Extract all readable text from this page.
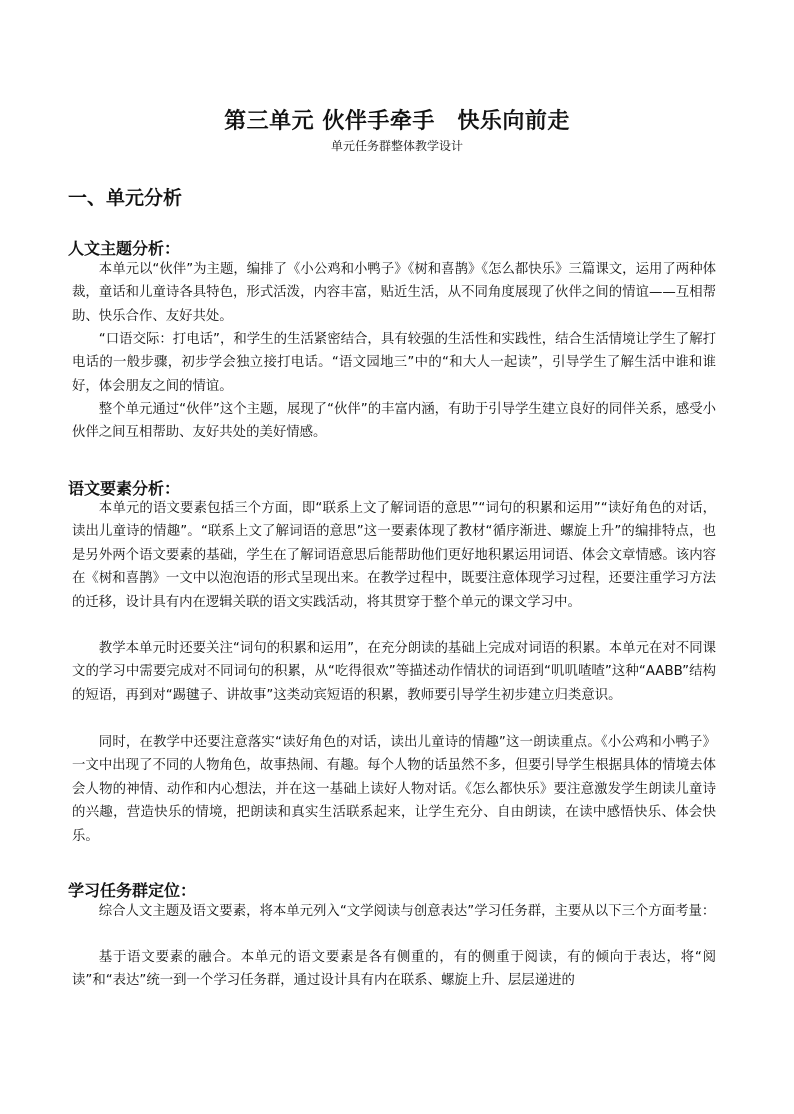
第三单元 伙伴手牵手　快乐向前走
单元任务群整体教学设计
一、单元分析
人文主题分析：

本单元以“伙伴”为主题，编排了《小公鸡和小鸭子》《树和喜鹊》《怎么都快乐》三篇课文，运用了两种体裁，童话和儿童诗各具特色，形式活泼，内容丰富，贴近生活，从不同角度展现了伙伴之间的情谊——互相帮助、快乐合作、友好共处。

“口语交际：打电话”，和学生的生活紧密结合，具有较强的生活性和实践性，结合生活情境让学生了解打电话的一般步骤，初步学会独立接打电话。“语文园地三”中的“和大人一起读”，引导学生了解生活中谁和谁好，体会朋友之间的情谊。

整个单元通过“伙伴”这个主题，展现了“伙伴”的丰富内涵，有助于引导学生建立良好的同伴关系，感受小伙伴之间互相帮助、友好共处的美好情感。

语文要素分析：

本单元的语文要素包括三个方面，即“联系上文了解词语的意思”“词句的积累和运用”“读好角色的对话，读出儿童诗的情趣”。“联系上文了解词语的意思”这一要素体现了教材“循序渐进、螺旋上升”的编排特点，也是另外两个语文要素的基础，学生在了解词语意思后能帮助他们更好地积累运用词语、体会文章情感。该内容在《树和喜鹊》一文中以泡泡语的形式呈现出来。在教学过程中，既要注意体现学习过程，还要注重学习方法的迁移，设计具有内在逻辑关联的语文实践活动，将其贯穿于整个单元的课文学习中。

教学本单元时还要关注“词句的积累和运用”，在充分朗读的基础上完成对词语的积累。本单元在对不同课文的学习中需要完成对不同词句的积累，从“吃得很欢”等描述动作情状的词语到“叽叽喳喳”这种“AABB”结构的短语，再到对“踢毽子、讲故事”这类动宾短语的积累，教师要引导学生初步建立归类意识。

同时，在教学中还要注意落实“读好角色的对话，读出儿童诗的情趣”这一朗读重点。《小公鸡和小鸭子》一文中出现了不同的人物角色，故事热闹、有趣。每个人物的话虽然不多，但要引导学生根据具体的情境去体会人物的神情、动作和内心想法，并在这一基础上读好人物对话。《怎么都快乐》要注意激发学生朗读儿童诗的兴趣，营造快乐的情境，把朗读和真实生活联系起来，让学生充分、自由朗读，在读中感悟快乐、体会快乐。

学习任务群定位：

综合人文主题及语文要素，将本单元列入“文学阅读与创意表达”学习任务群，主要从以下三个方面考量：

基于语文要素的融合。本单元的语文要素是各有侧重的，有的侧重于阅读，有的倾向于表达，将“阅读”和“表达”统一到一个学习任务群，通过设计具有内在联系、螺旋上升、层层递进的
